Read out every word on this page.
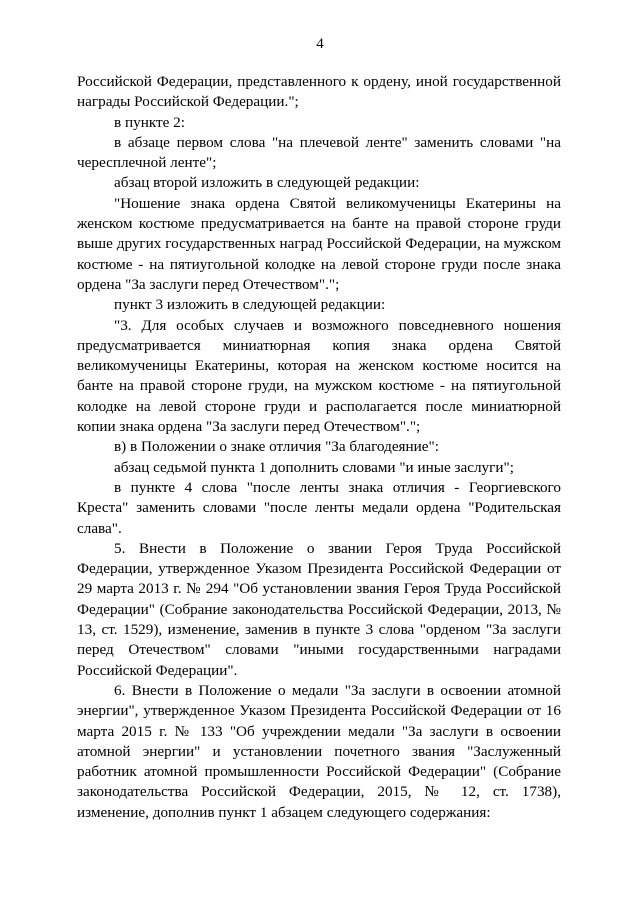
4

Российской Федерации, представленного к ордену, иной государственной награды Российской Федерации.";

в пункте 2:

в абзаце первом слова "на плечевой ленте" заменить словами "на чересплечной ленте";

абзац второй изложить в следующей редакции:

"Ношение знака ордена Святой великомученицы Екатерины на женском костюме предусматривается на банте на правой стороне груди выше других государственных наград Российской Федерации, на мужском костюме - на пятиугольной колодке на левой стороне груди после знака ордена "За заслуги перед Отечеством".";

пункт 3 изложить в следующей редакции:

"3. Для особых случаев и возможного повседневного ношения предусматривается миниатюрная копия знака ордена Святой великомученицы Екатерины, которая на женском костюме носится на банте на правой стороне груди, на мужском костюме - на пятиугольной колодке на левой стороне груди и располагается после миниатюрной копии знака ордена "За заслуги перед Отечеством".";

в) в Положении о знаке отличия "За благодеяние":

абзац седьмой пункта 1 дополнить словами "и иные заслуги";

в пункте 4 слова "после ленты знака отличия - Георгиевского Креста" заменить словами "после ленты медали ордена "Родительская слава".

5. Внести в Положение о звании Героя Труда Российской Федерации, утвержденное Указом Президента Российской Федерации от 29 марта 2013 г. № 294 "Об установлении звания Героя Труда Российской Федерации" (Собрание законодательства Российской Федерации, 2013, № 13, ст. 1529), изменение, заменив в пункте 3 слова "орденом "За заслуги перед Отечеством" словами "иными государственными наградами Российской Федерации".

6. Внести в Положение о медали "За заслуги в освоении атомной энергии", утвержденное Указом Президента Российской Федерации от 16 марта 2015 г. № 133 "Об учреждении медали "За заслуги в освоении атомной энергии" и установлении почетного звания "Заслуженный работник атомной промышленности Российской Федерации" (Собрание законодательства Российской Федерации, 2015, № 12, ст. 1738), изменение, дополнив пункт 1 абзацем следующего содержания:
